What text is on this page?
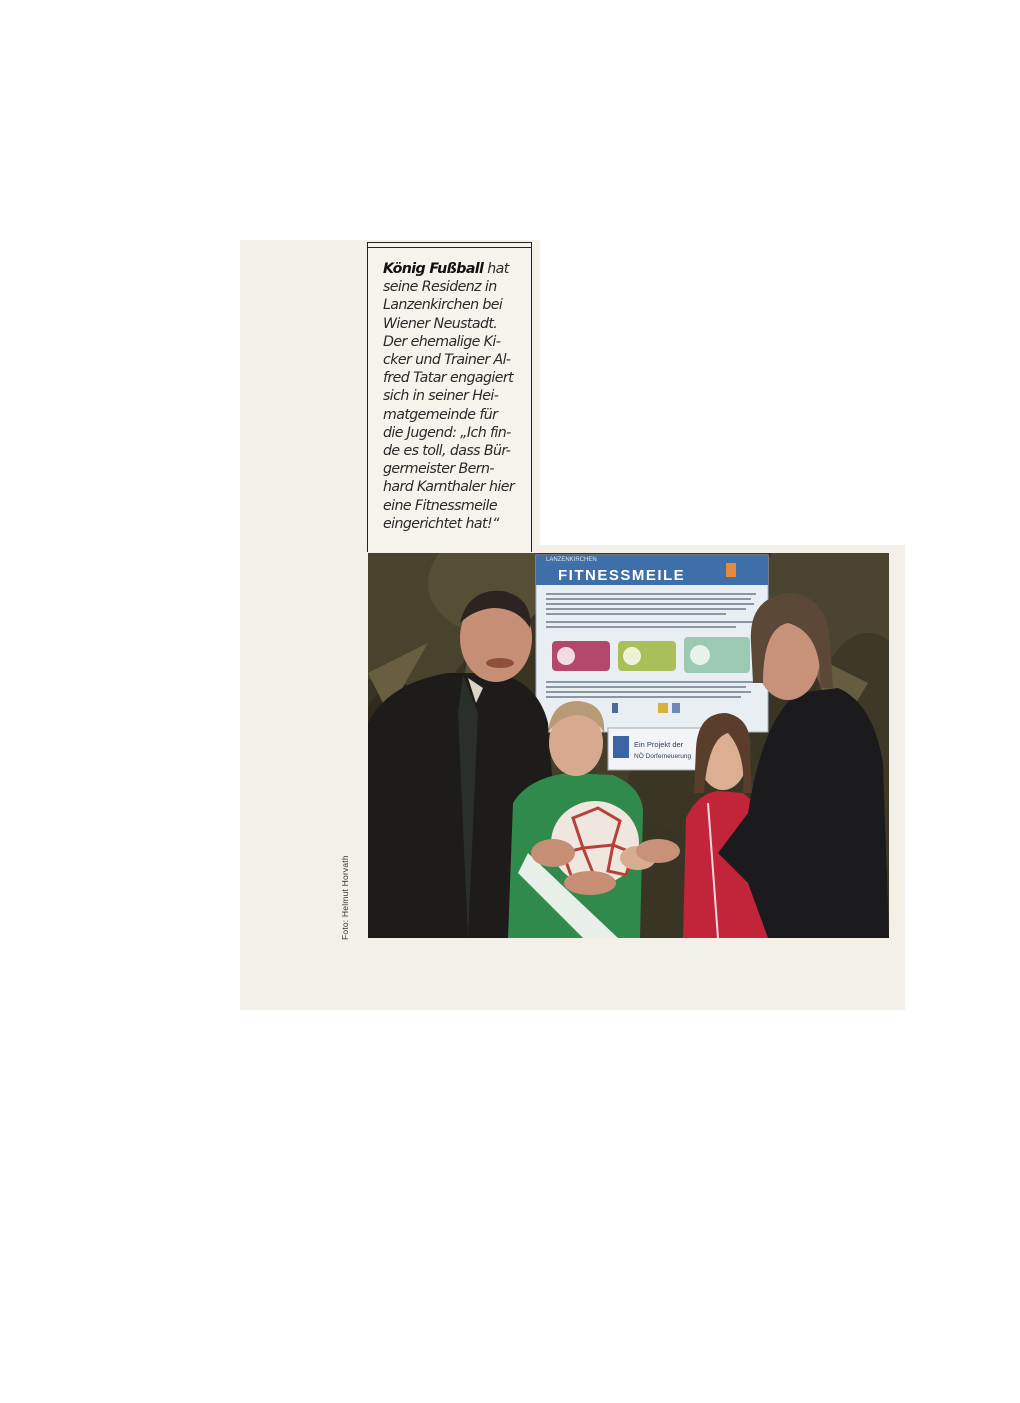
König Fußball hat
seine Residenz in
Lanzenkirchen bei
Wiener Neustadt.
Der ehemalige Ki-
cker und Trainer Al-
fred Tatar engagiert
sich in seiner Hei-
matgemeinde für
die Jugend: „Ich fin-
de es toll, dass Bür-
germeister Bern-
hard Karnthaler hier
eine Fitnessmeile
eingerichtet hat!“
LANZENKIRCHEN
FITNESSMEILE
Ein Projekt der
NÖ Dorferneuerung
Foto: Helmut Horvath
